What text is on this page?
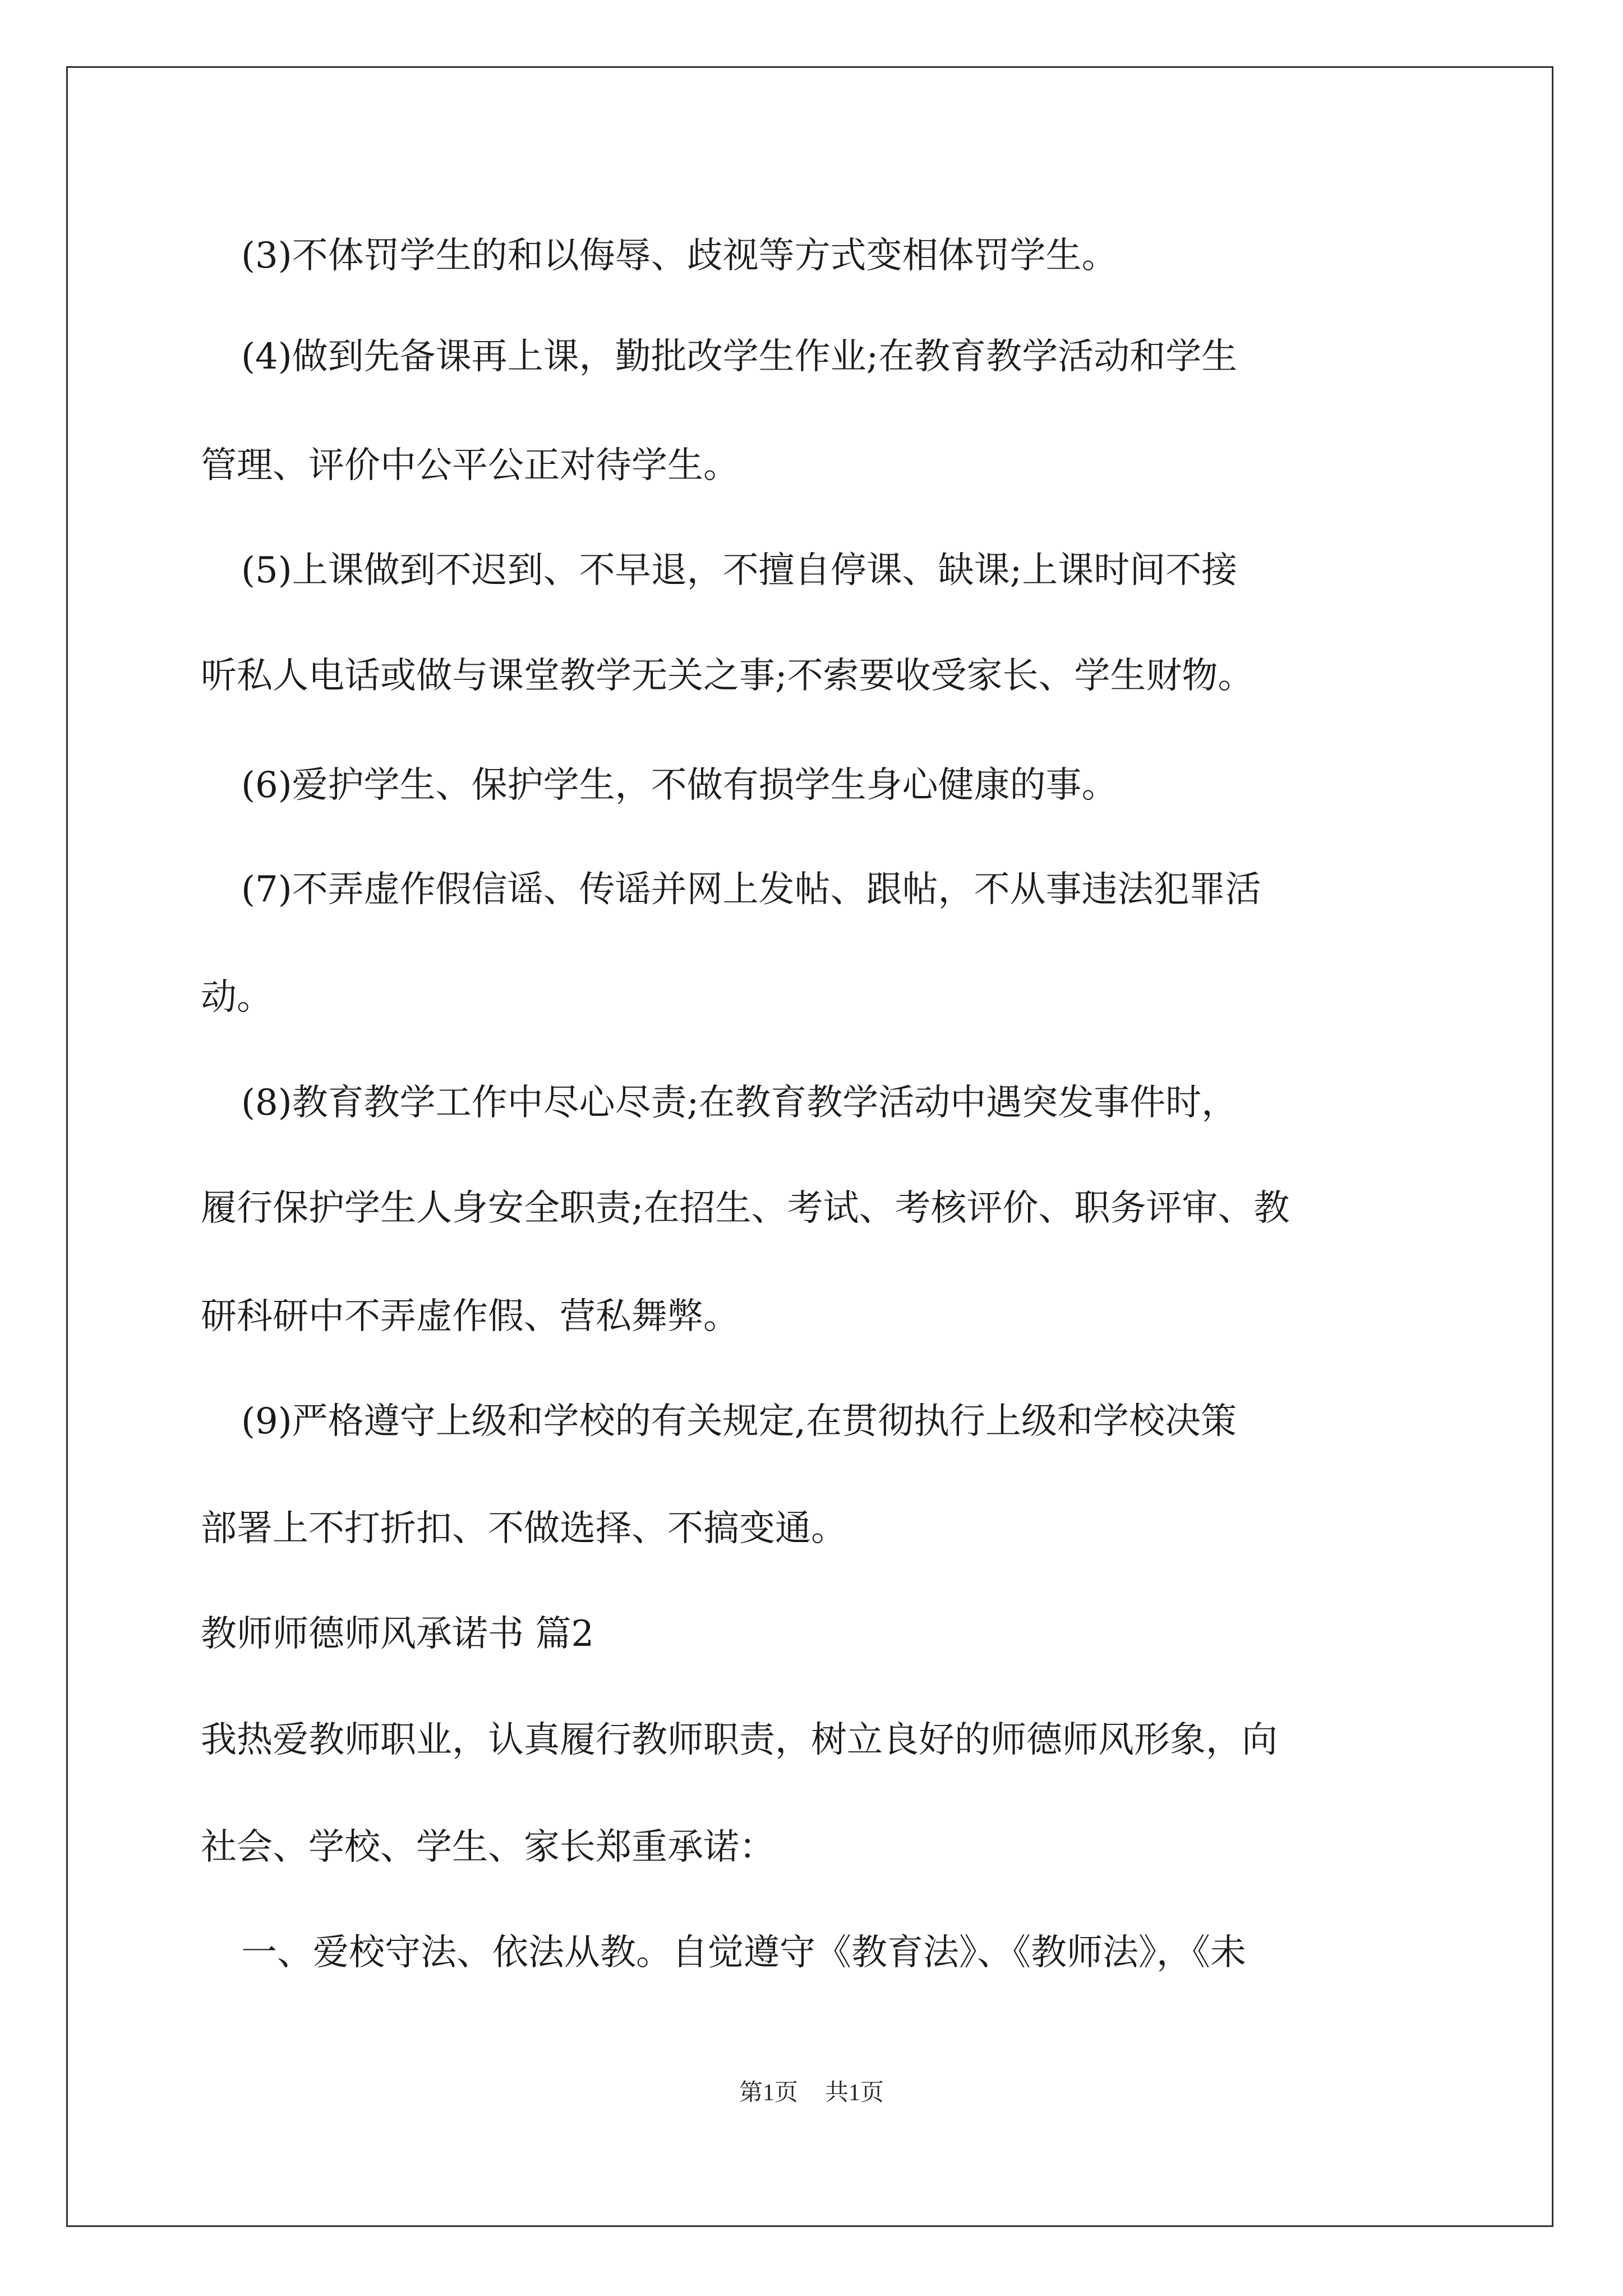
(3)不体罚学生的和以侮辱、歧视等方式变相体罚学生。
(4)做到先备课再上课，勤批改学生作业;在教育教学活动和学生
管理、评价中公平公正对待学生。
(5)上课做到不迟到、不早退，不擅自停课、缺课;上课时间不接
听私人电话或做与课堂教学无关之事;不索要收受家长、学生财物。
(6)爱护学生、保护学生，不做有损学生身心健康的事。
(7)不弄虚作假信谣、传谣并网上发帖、跟帖，不从事违法犯罪活
动。
(8)教育教学工作中尽心尽责;在教育教学活动中遇突发事件时，
履行保护学生人身安全职责;在招生、考试、考核评价、职务评审、教
研科研中不弄虚作假、营私舞弊。
(9)严格遵守上级和学校的有关规定,在贯彻执行上级和学校决策
部署上不打折扣、不做选择、不搞变通。
教师师德师风承诺书 篇2
我热爱教师职业，认真履行教师职责，树立良好的师德师风形象，向
社会、学校、学生、家长郑重承诺：
一、爱校守法、依法从教。自觉遵守《教育法》、《教师法》，《未
第1页 共1页
